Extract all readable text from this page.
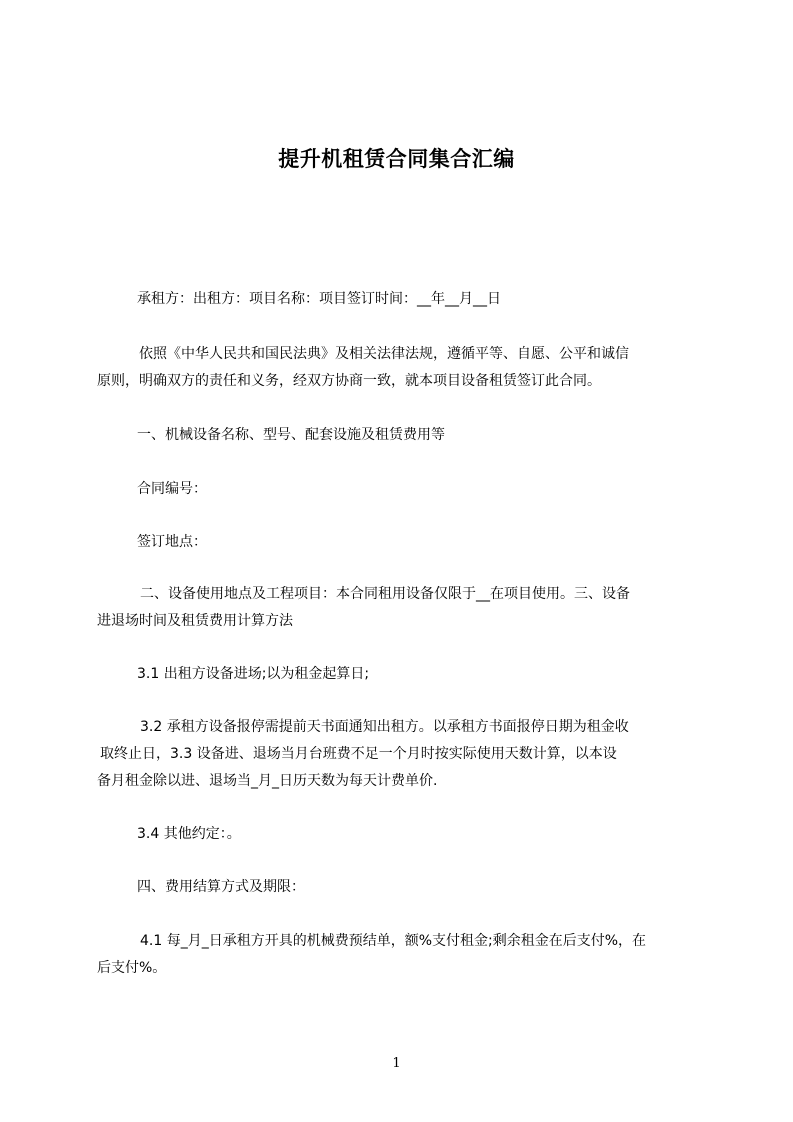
提升机租赁合同集合汇编
承租方：出租方：项目名称：项目签订时间：__年__月__日
依照《中华人民共和国民法典》及相关法律法规，遵循平等、自愿、公平和诚信
原则，明确双方的责任和义务，经双方协商一致，就本项目设备租赁签订此合同。
一、机械设备名称、型号、配套设施及租赁费用等
合同编号：
签订地点：
二、设备使用地点及工程项目：本合同租用设备仅限于__在项目使用。三、设备
进退场时间及租赁费用计算方法
3.1 出租方设备进场;以为租金起算日;
3.2 承租方设备报停需提前天书面通知出租方。以承租方书面报停日期为租金收
取终止日，3.3 设备进、退场当月台班费不足一个月时按实际使用天数计算，以本设
备月租金除以进、退场当_月_日历天数为每天计费单价.
3.4 其他约定：。
四、费用结算方式及期限：
4.1 每_月_日承租方开具的机械费预结单，额%支付租金;剩余租金在后支付%，在
后支付%。
1
